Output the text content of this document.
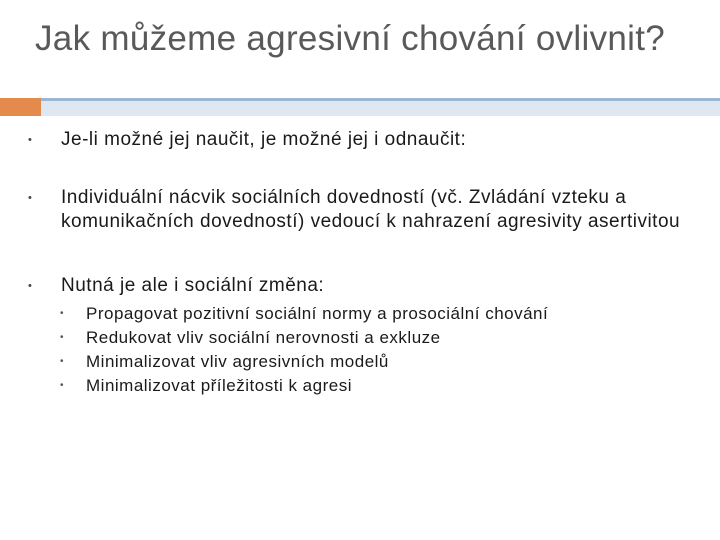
Jak můžeme agresivní chování ovlivnit?
• Je-li možné jej naučit, je možné jej i odnaučit:
• Individuální nácvik sociálních dovedností (vč. Zvládání vzteku a komunikačních dovedností) vedoucí k nahrazení agresivity asertivitou
• Nutná je ale i sociální změna:
• Propagovat pozitivní sociální normy a prosociální chování
• Redukovat vliv sociální nerovnosti a exkluze
• Minimalizovat vliv agresivních modelů
• Minimalizovat příležitosti k agresi
